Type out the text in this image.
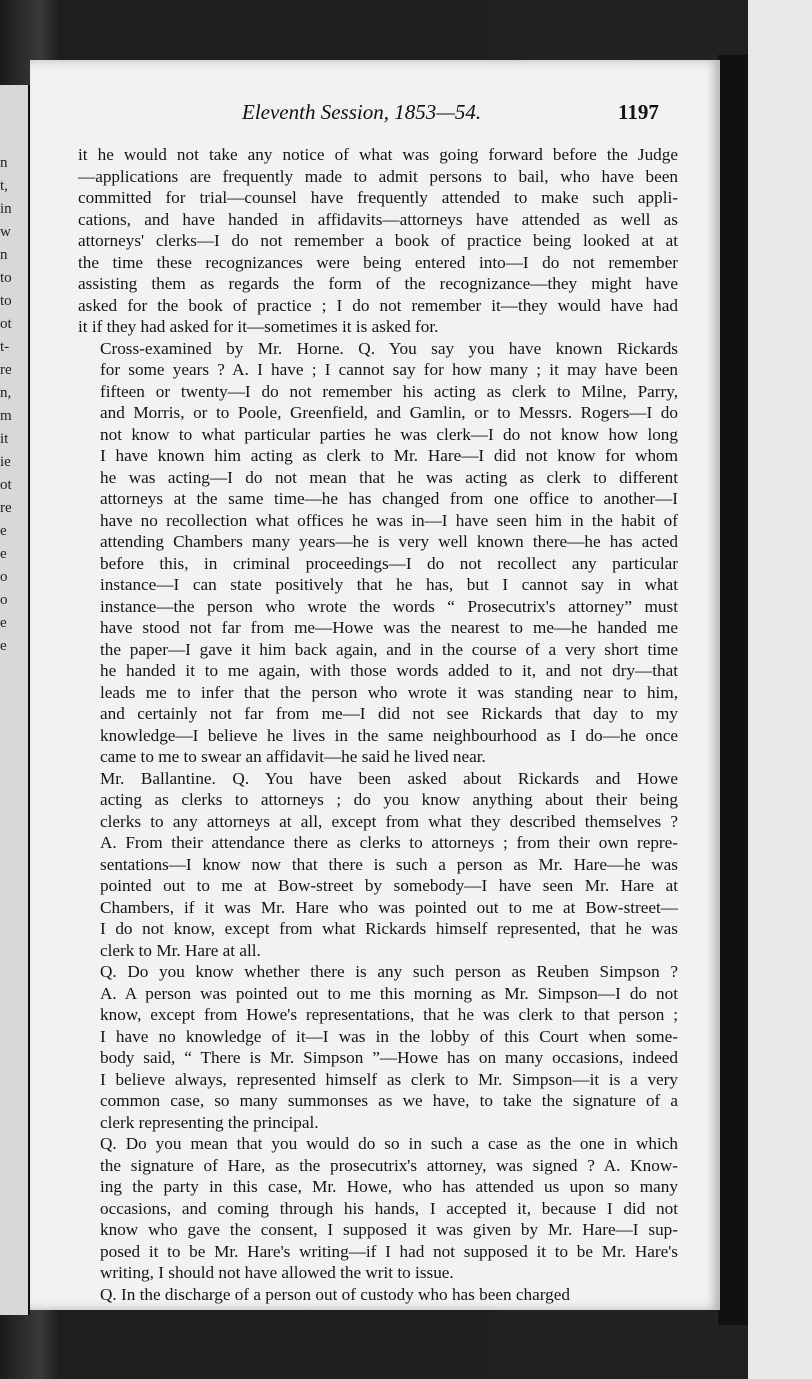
n
t,
in
w
n
to
to
ot
t-
re
n,
m
it
ie
ot
re
e
e
o
o
e
e
Eleventh Session, 1853—54.	1197

it he would not take any notice of what was going forward before the Judge
—applications are frequently made to admit persons to bail, who have been
committed for trial—counsel have frequently attended to make such appli-
cations, and have handed in affidavits—attorneys have attended as well as
attorneys' clerks—I do not remember a book of practice being looked at at
the time these recognizances were being entered into—I do not remember
assisting them as regards the form of the recognizance—they might have
asked for the book of practice ; I do not remember it—they would have had
it if they had asked for it—sometimes it is asked for.

Cross-examined by Mr. Horne. Q. You say you have known Rickards
for some years ? A. I have ; I cannot say for how many ; it may have been
fifteen or twenty—I do not remember his acting as clerk to Milne, Parry,
and Morris, or to Poole, Greenfield, and Gamlin, or to Messrs. Rogers—I do
not know to what particular parties he was clerk—I do not know how long
I have known him acting as clerk to Mr. Hare—I did not know for whom
he was acting—I do not mean that he was acting as clerk to different
attorneys at the same time—he has changed from one office to another—I
have no recollection what offices he was in—I have seen him in the habit of
attending Chambers many years—he is very well known there—he has acted
before this, in criminal proceedings—I do not recollect any particular
instance—I can state positively that he has, but I cannot say in what
instance—the person who wrote the words “ Prosecutrix's attorney” must
have stood not far from me—Howe was the nearest to me—he handed me
the paper—I gave it him back again, and in the course of a very short time
he handed it to me again, with those words added to it, and not dry—that
leads me to infer that the person who wrote it was standing near to him,
and certainly not far from me—I did not see Rickards that day to my
knowledge—I believe he lives in the same neighbourhood as I do—he once
came to me to swear an affidavit—he said he lived near.

Mr. Ballantine. Q. You have been asked about Rickards and Howe
acting as clerks to attorneys ; do you know anything about their being
clerks to any attorneys at all, except from what they described themselves ?
A. From their attendance there as clerks to attorneys ; from their own repre-
sentations—I know now that there is such a person as Mr. Hare—he was
pointed out to me at Bow-street by somebody—I have seen Mr. Hare at
Chambers, if it was Mr. Hare who was pointed out to me at Bow-street—
I do not know, except from what Rickards himself represented, that he was
clerk to Mr. Hare at all.

Q. Do you know whether there is any such person as Reuben Simpson ?
A. A person was pointed out to me this morning as Mr. Simpson—I do not
know, except from Howe's representations, that he was clerk to that person ;
I have no knowledge of it—I was in the lobby of this Court when some-
body said, “ There is Mr. Simpson ”—Howe has on many occasions, indeed
I believe always, represented himself as clerk to Mr. Simpson—it is a very
common case, so many summonses as we have, to take the signature of a
clerk representing the principal.

Q. Do you mean that you would do so in such a case as the one in which
the signature of Hare, as the prosecutrix's attorney, was signed ? A. Know-
ing the party in this case, Mr. Howe, who has attended us upon so many
occasions, and coming through his hands, I accepted it, because I did not
know who gave the consent, I supposed it was given by Mr. Hare—I sup-
posed it to be Mr. Hare's writing—if I had not supposed it to be Mr. Hare's
writing, I should not have allowed the writ to issue.

Q. In the discharge of a person out of custody who has been charged
